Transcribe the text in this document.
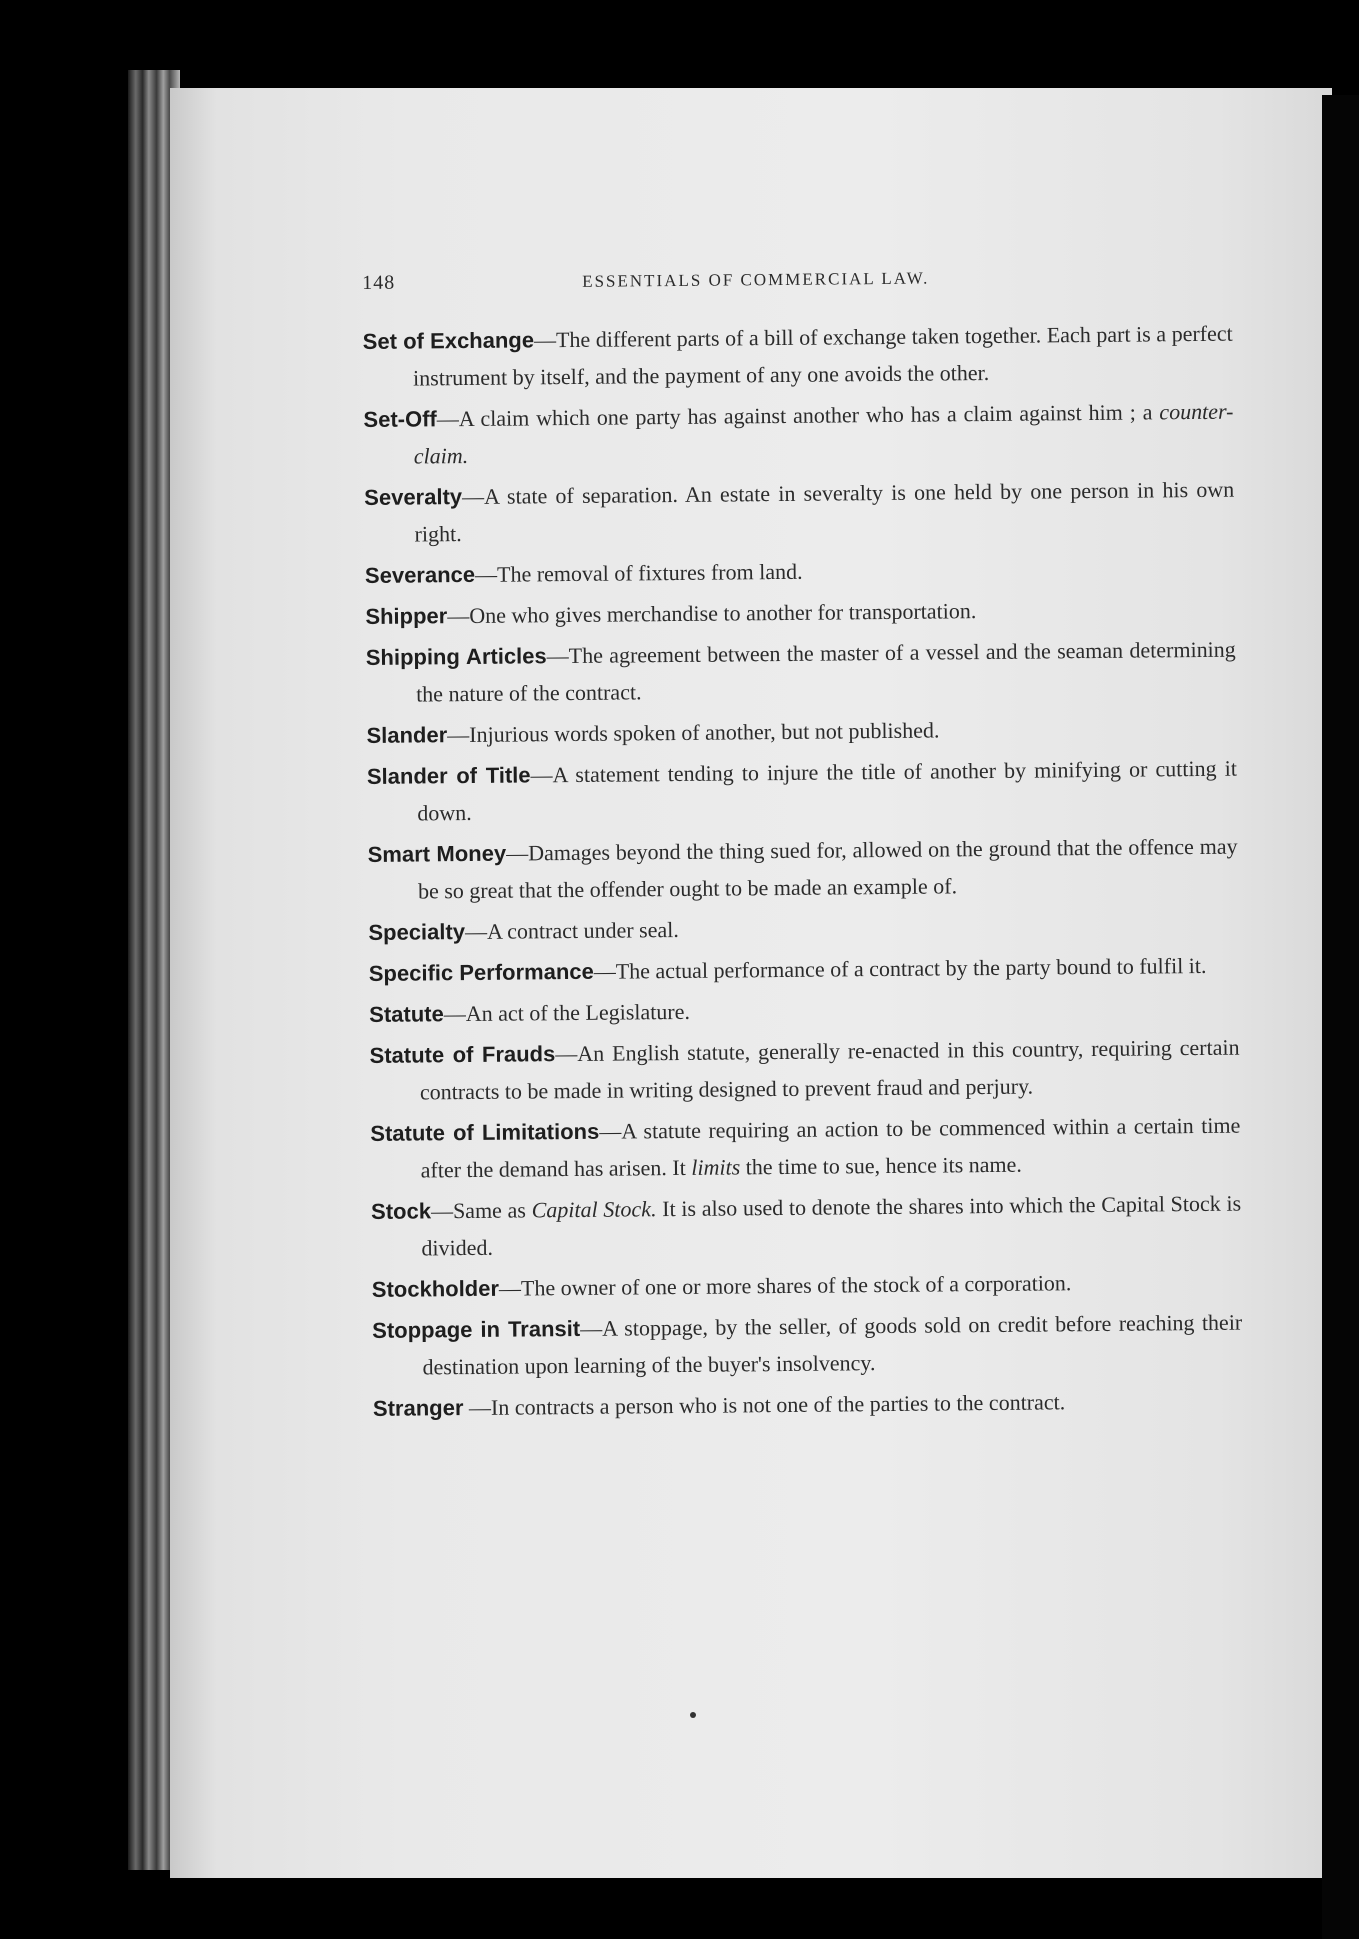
148	ESSENTIALS OF COMMERCIAL LAW.
Set of Exchange—The different parts of a bill of exchange taken together. Each part is a perfect instrument by itself, and the payment of any one avoids the other.
Set-Off—A claim which one party has against another who has a claim against him ; a counter-claim.
Severalty—A state of separation. An estate in severalty is one held by one person in his own right.
Severance—The removal of fixtures from land.
Shipper—One who gives merchandise to another for transportation.
Shipping Articles—The agreement between the master of a vessel and the seaman determining the nature of the contract.
Slander—Injurious words spoken of another, but not published.
Slander of Title—A statement tending to injure the title of another by minifying or cutting it down.
Smart Money—Damages beyond the thing sued for, allowed on the ground that the offence may be so great that the offender ought to be made an example of.
Specialty—A contract under seal.
Specific Performance—The actual performance of a contract by the party bound to fulfil it.
Statute—An act of the Legislature.
Statute of Frauds—An English statute, generally re-enacted in this country, requiring certain contracts to be made in writing designed to prevent fraud and perjury.
Statute of Limitations—A statute requiring an action to be commenced within a certain time after the demand has arisen. It limits the time to sue, hence its name.
Stock—Same as Capital Stock. It is also used to denote the shares into which the Capital Stock is divided.
Stockholder—The owner of one or more shares of the stock of a corporation.
Stoppage in Transit—A stoppage, by the seller, of goods sold on credit before reaching their destination upon learning of the buyer's insolvency.
Stranger —In contracts a person who is not one of the parties to the contract.
